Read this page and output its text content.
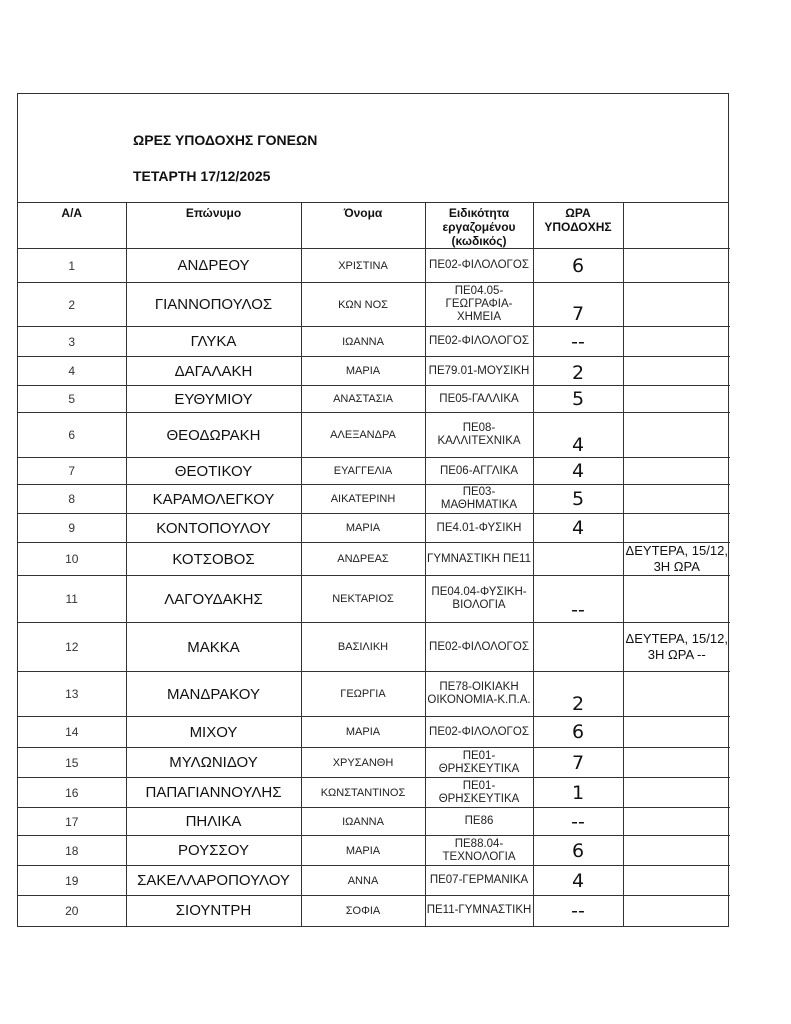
ΩΡΕΣ ΥΠΟΔΟΧΗΣ ΓΟΝΕΩΝ
ΤΕΤΑΡΤΗ 17/12/2025
Α/Α	Επώνυμο	Όνομα	Ειδικότητα εργαζομένου (κωδικός)	ΩΡΑ ΥΠΟΔΟΧΗΣ	
1	ΑΝΔΡΕΟΥ	ΧΡΙΣΤΙΝΑ	ΠΕ02-ΦΙΛΟΛΟΓΟΣ	6	
2	ΓΙΑΝΝΟΠΟΥΛΟΣ	ΚΩΝ ΝΟΣ	ΠΕ04.05-ΓΕΩΓΡΑΦΙΑ-ΧΗΜΕΙΑ	7	
3	ΓΛΥΚΑ	ΙΩΑΝΝΑ	ΠΕ02-ΦΙΛΟΛΟΓΟΣ	--	
4	ΔΑΓΑΛΑΚΗ	ΜΑΡΙΑ	ΠΕ79.01-ΜΟΥΣΙΚΗ	2	
5	ΕΥΘΥΜΙΟΥ	ΑΝΑΣΤΑΣΙΑ	ΠΕ05-ΓΑΛΛΙΚΑ	5	
6	ΘΕΟΔΩΡΑΚΗ	ΑΛΕΞΑΝΔΡΑ	ΠΕ08-ΚΑΛΛΙΤΕΧΝΙΚΑ	4	
7	ΘΕΟΤΙΚΟΥ	ΕΥΑΓΓΕΛΙΑ	ΠΕ06-ΑΓΓΛΙΚΑ	4	
8	ΚΑΡΑΜΟΛΕΓΚΟΥ	ΑΙΚΑΤΕΡΙΝΗ	ΠΕ03-ΜΑΘΗΜΑΤΙΚΑ	5	
9	ΚΟΝΤΟΠΟΥΛΟΥ	ΜΑΡΙΑ	ΠΕ4.01-ΦΥΣΙΚΗ	4	
10	ΚΟΤΣΟΒΟΣ	ΑΝΔΡΕΑΣ	ΓΥΜΝΑΣΤΙΚΗ ΠΕ11		ΔΕΥΤΕΡΑ, 15/12, 3Η ΩΡΑ
11	ΛΑΓΟΥΔΑΚΗΣ	ΝΕΚΤΑΡΙΟΣ	ΠΕ04.04-ΦΥΣΙΚΗ-ΒΙΟΛΟΓΙΑ	--	
12	ΜΑΚΚΑ	ΒΑΣΙΛΙΚΗ	ΠΕ02-ΦΙΛΟΛΟΓΟΣ		ΔΕΥΤΕΡΑ, 15/12, 3Η ΩΡΑ --
13	ΜΑΝΔΡΑΚΟΥ	ΓΕΩΡΓΙΑ	ΠΕ78-ΟΙΚΙΑΚΗ ΟΙΚΟΝΟΜΙΑ-Κ.Π.Α.	2	
14	ΜΙΧΟΥ	ΜΑΡΙΑ	ΠΕ02-ΦΙΛΟΛΟΓΟΣ	6	
15	ΜΥΛΩΝΙΔΟΥ	ΧΡΥΣΑΝΘΗ	ΠΕ01-ΘΡΗΣΚΕΥΤΙΚΑ	7	
16	ΠΑΠΑΓΙΑΝΝΟΥΛΗΣ	ΚΩΝΣΤΑΝΤΙΝΟΣ	ΠΕ01-ΘΡΗΣΚΕΥΤΙΚΑ	1	
17	ΠΗΛΙΚΑ	ΙΩΑΝΝΑ	ΠΕ86	--	
18	ΡΟΥΣΣΟΥ	ΜΑΡΙΑ	ΠΕ88.04-ΤΕΧΝΟΛΟΓΙΑ	6	
19	ΣΑΚΕΛΛΑΡΟΠΟΥΛΟΥ	ΑΝΝΑ	ΠΕ07-ΓΕΡΜΑΝΙΚΑ	4	
20	ΣΙΟΥΝΤΡΗ	ΣΟΦΙΑ	ΠΕ11-ΓΥΜΝΑΣΤΙΚΗ	--	
